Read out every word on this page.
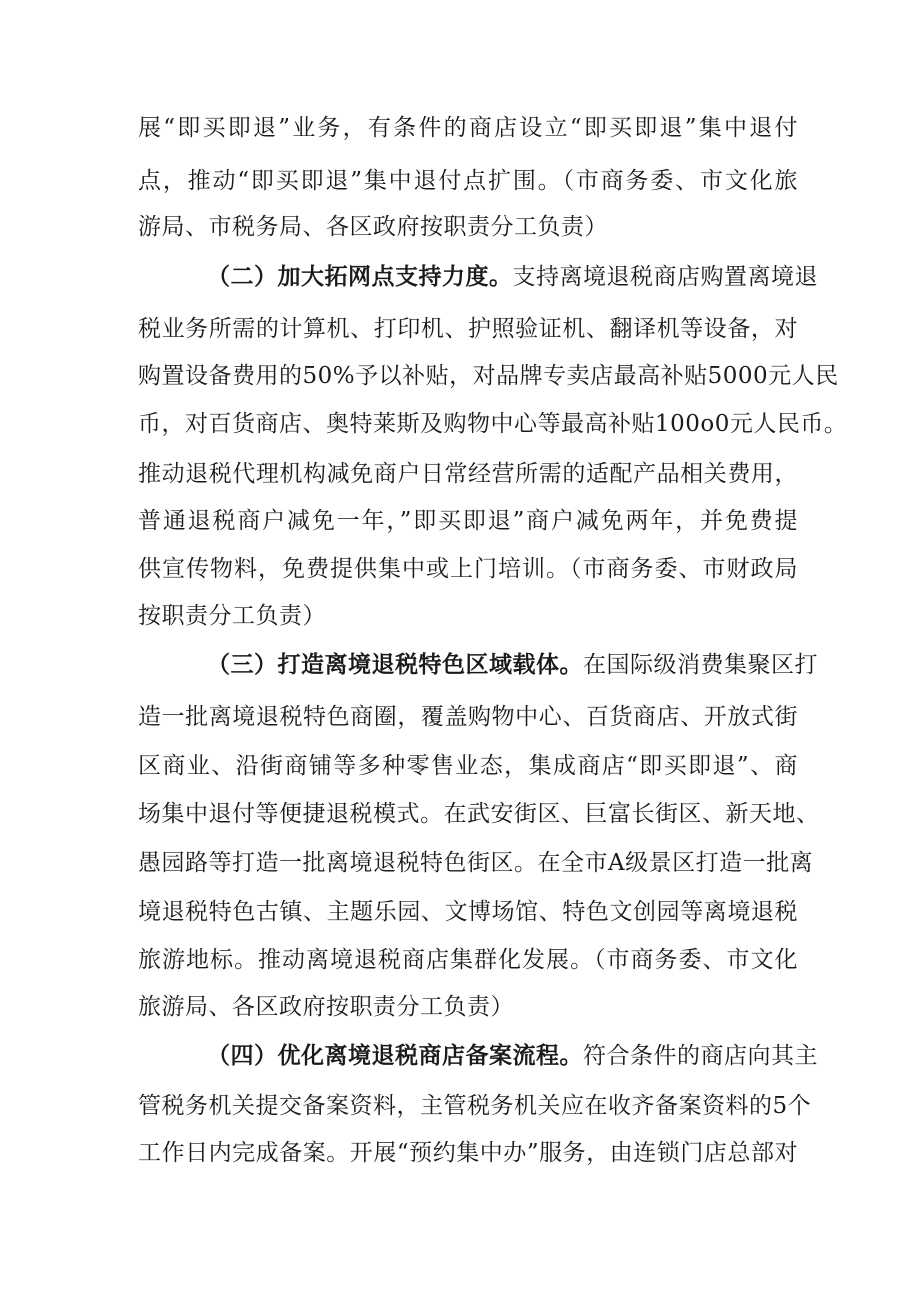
展“即买即退”业务，有条件的商店设立“即买即退”集中退付
点，推动“即买即退”集中退付点扩围。（市商务委、市文化旅
游局、市税务局、各区政府按职责分工负责）
（二）加大拓网点支持力度。支持离境退税商店购置离境退
税业务所需的计算机、打印机、护照验证机、翻译机等设备，对
购置设备费用的50%予以补贴，对品牌专卖店最高补贴5000元人民
币，对百货商店、奥特莱斯及购物中心等最高补贴100o0元人民币。
推动退税代理机构减免商户日常经营所需的适配产品相关费用，
普通退税商户减免一年，”即买即退”商户减免两年，并免费提
供宣传物料，免费提供集中或上门培训。（市商务委、市财政局
按职责分工负责）
（三）打造离境退税特色区域载体。在国际级消费集聚区打
造一批离境退税特色商圈，覆盖购物中心、百货商店、开放式街
区商业、沿街商铺等多种零售业态，集成商店“即买即退”、商
场集中退付等便捷退税模式。在武安街区、巨富长街区、新天地、
愚园路等打造一批离境退税特色街区。在全市A级景区打造一批离
境退税特色古镇、主题乐园、文博场馆、特色文创园等离境退税
旅游地标。推动离境退税商店集群化发展。（市商务委、市文化
旅游局、各区政府按职责分工负责）
（四）优化离境退税商店备案流程。符合条件的商店向其主
管税务机关提交备案资料，主管税务机关应在收齐备案资料的5个
工作日内完成备案。开展“预约集中办”服务，由连锁门店总部对
